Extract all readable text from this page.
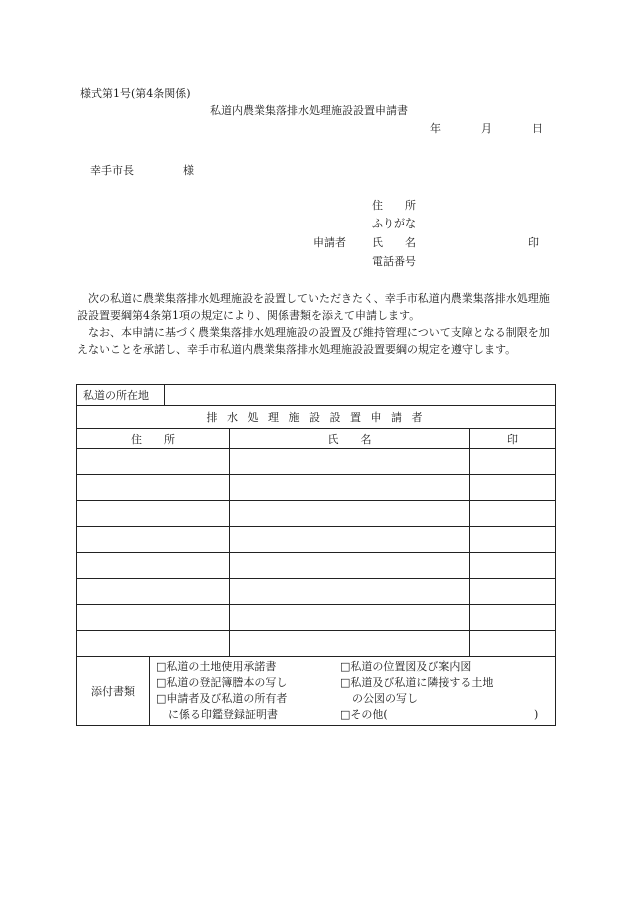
様式第1号(第4条関係)
私道内農業集落排水処理施設設置申請書
年	月	日
幸手市長	様
住　　所
ふりがな
申請者 氏　　名	印
電話番号

次の私道に農業集落排水処理施設を設置していただきたく、幸手市私道内農業集落排水処理施設設置要綱第4条第1項の規定により、関係書類を添えて申請します。

なお、本申請に基づく農業集落排水処理施設の設置及び維持管理について支障となる制限を加えないことを承諾し、幸手市私道内農業集落排水処理施設設置要綱の規定を遵守します。

私道の所在地
排 水 処 理 施 設 設 置 申 請 者
住　　所	氏　　名	印
添付書類
□私道の土地使用承諾書
□私道の登記簿謄本の写し
□申請者及び私道の所有者
に係る印鑑登録証明書
□私道の位置図及び案内図
□私道及び私道に隣接する土地
の公図の写し
□その他(	)
